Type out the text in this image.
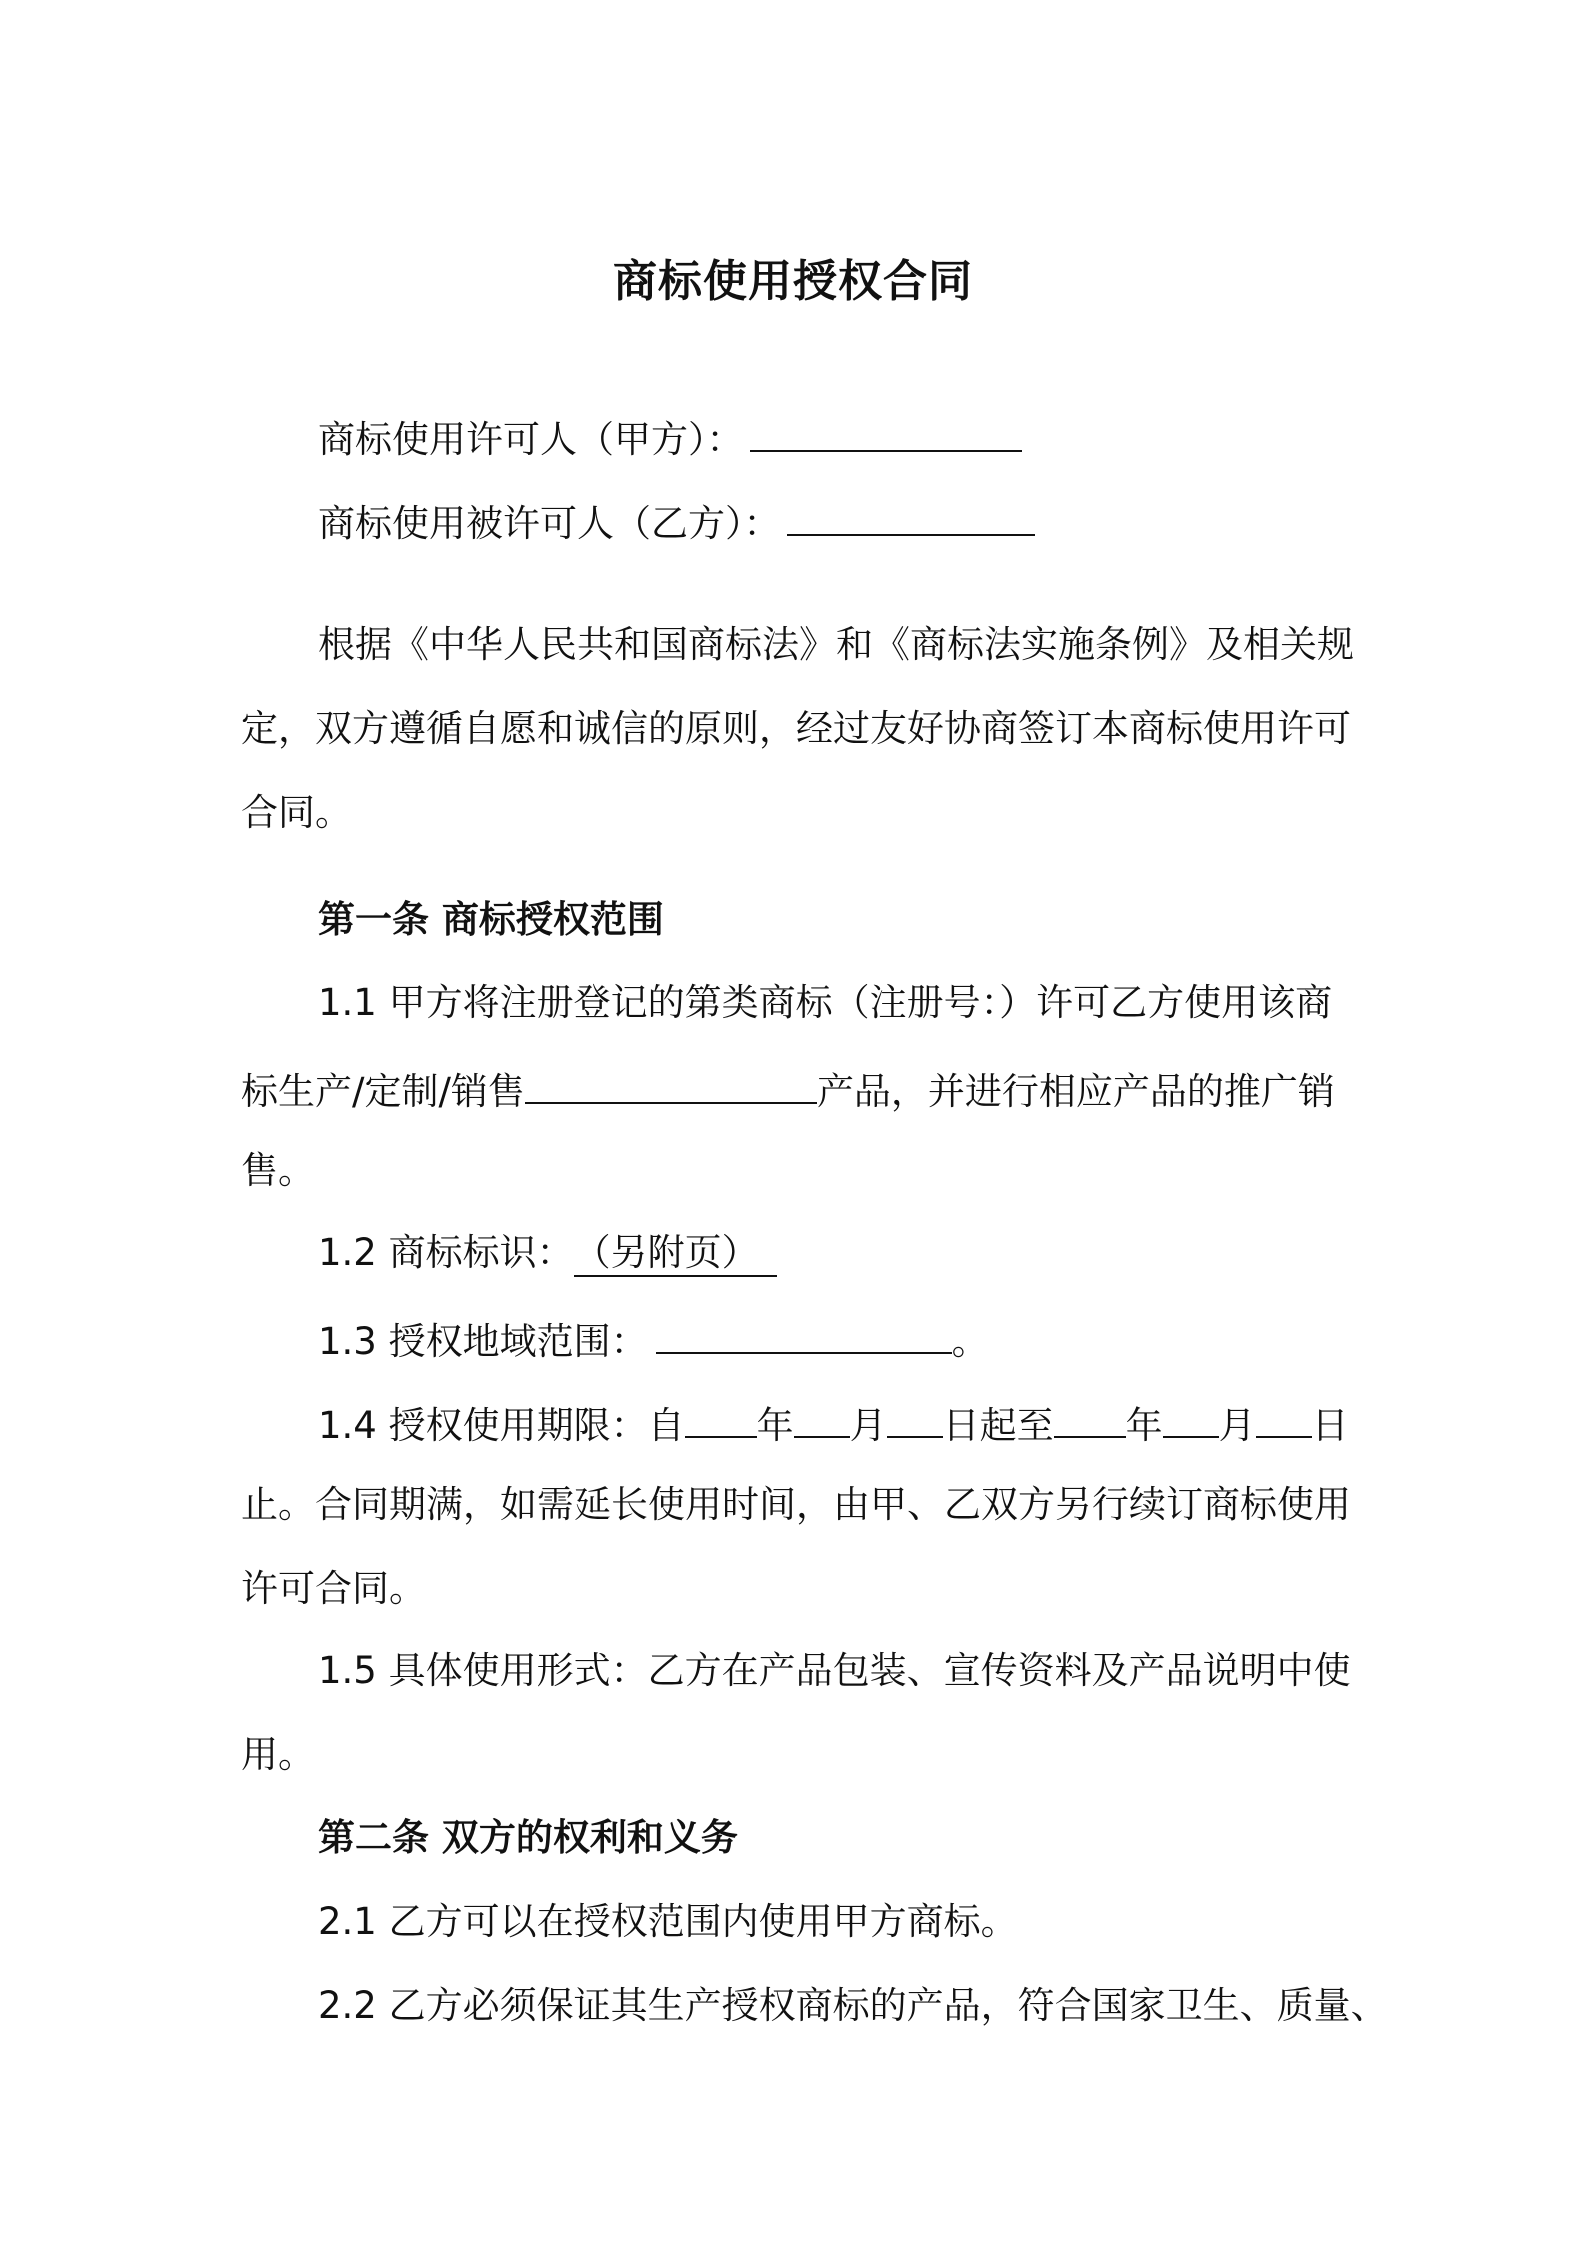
商标使用授权合同
商标使用许可人（甲方）：
商标使用被许可人（乙方）：
根据《中华人民共和国商标法》和《商标法实施条例》及相关规
定，双方遵循自愿和诚信的原则，经过友好协商签订本商标使用许可
合同。
第一条 商标授权范围
1.1 甲方将注册登记的第类商标（注册号：）许可乙方使用该商
标生产/定制/销售	产品，并进行相应产品的推广销
售。
1.2 商标标识：（另附页）
1.3 授权地域范围：	。
1.4 授权使用期限：自 年 月 日起至 年 月 日
止。合同期满，如需延长使用时间，由甲、乙双方另行续订商标使用
许可合同。
1.5 具体使用形式：乙方在产品包装、宣传资料及产品说明中使
用。
第二条 双方的权利和义务
2.1 乙方可以在授权范围内使用甲方商标。
2.2 乙方必须保证其生产授权商标的产品，符合国家卫生、质量、
